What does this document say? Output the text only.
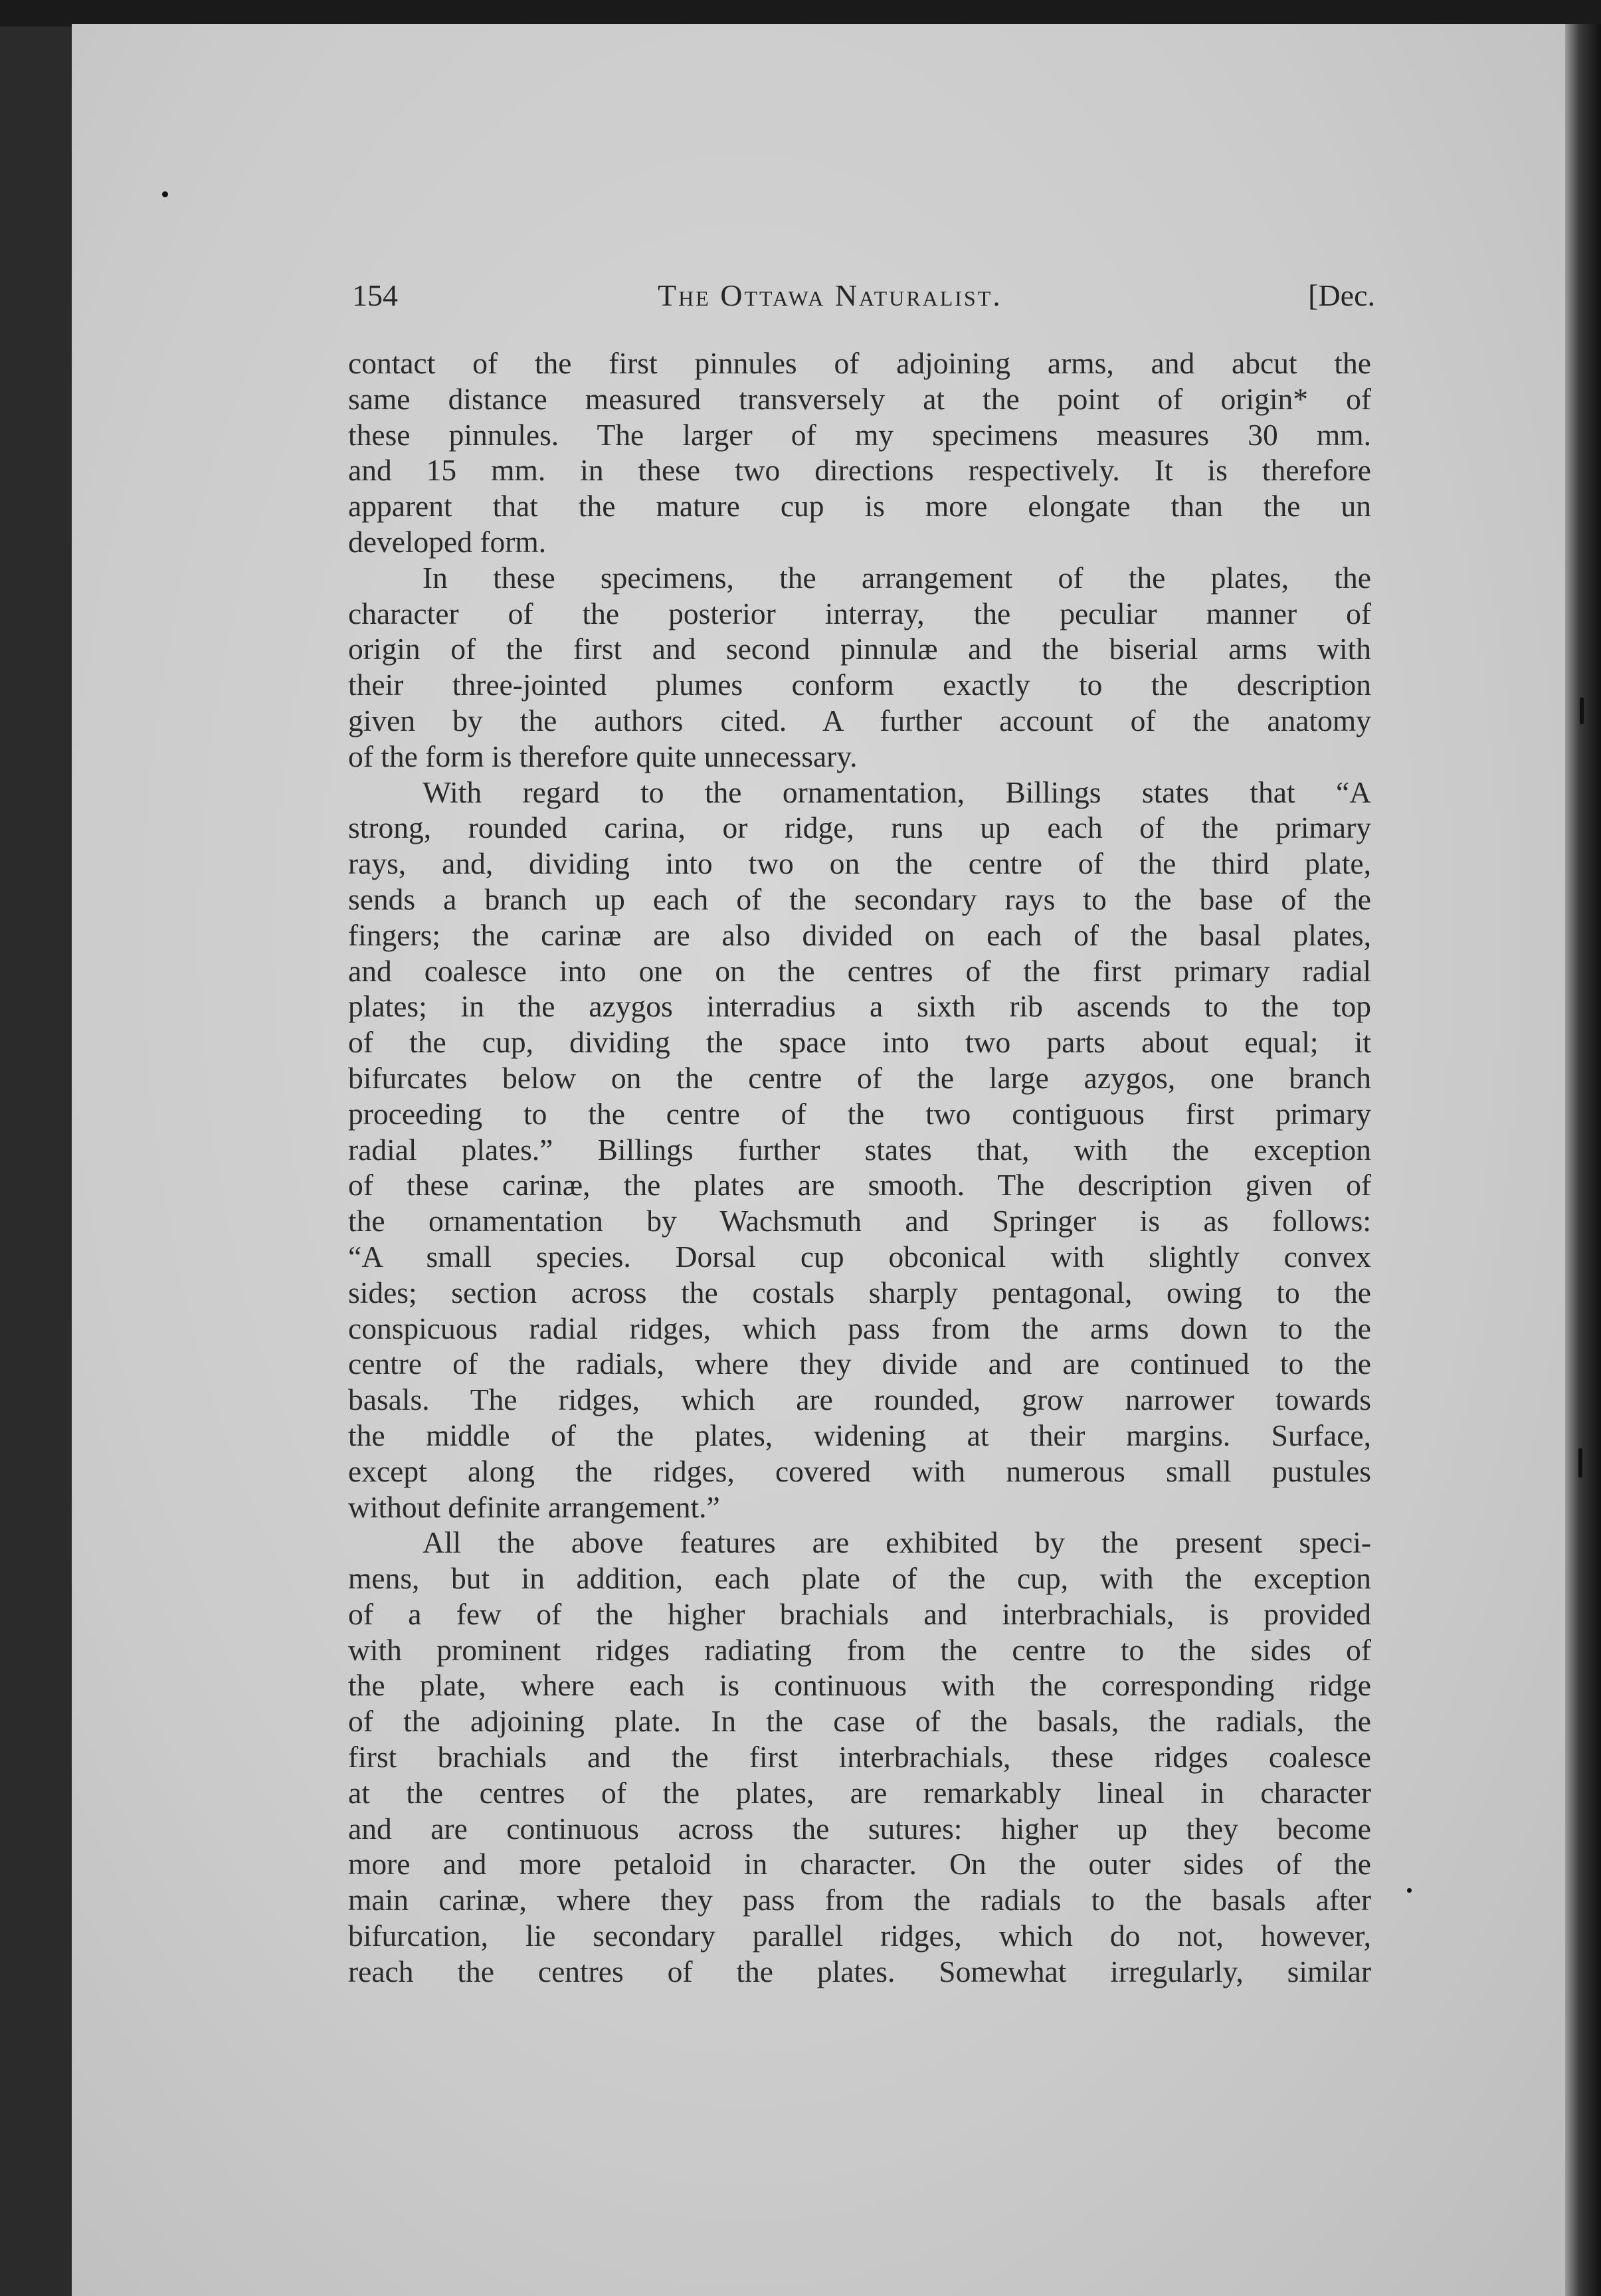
154	The Ottawa Naturalist.	[Dec.
contact of the first pinnules of adjoining arms, and abcut the
same distance measured transversely at the point of origin* of
these pinnules. The larger of my specimens measures 30 mm.
and 15 mm. in these two directions respectively. It is therefore
apparent that the mature cup is more elongate than the un
developed form.
In these specimens, the arrangement of the plates, the
character of the posterior interray, the peculiar manner of
origin of the first and second pinnulæ and the biserial arms with
their three-jointed plumes conform exactly to the description
given by the authors cited. A further account of the anatomy
of the form is therefore quite unnecessary.
With regard to the ornamentation, Billings states that “A
strong, rounded carina, or ridge, runs up each of the primary
rays, and, dividing into two on the centre of the third plate,
sends a branch up each of the secondary rays to the base of the
fingers; the carinæ are also divided on each of the basal plates,
and coalesce into one on the centres of the first primary radial
plates; in the azygos interradius a sixth rib ascends to the top
of the cup, dividing the space into two parts about equal; it
bifurcates below on the centre of the large azygos, one branch
proceeding to the centre of the two contiguous first primary
radial plates.” Billings further states that, with the exception
of these carinæ, the plates are smooth. The description given of
the ornamentation by Wachsmuth and Springer is as follows:
“A small species. Dorsal cup obconical with slightly convex
sides; section across the costals sharply pentagonal, owing to the
conspicuous radial ridges, which pass from the arms down to the
centre of the radials, where they divide and are continued to the
basals. The ridges, which are rounded, grow narrower towards
the middle of the plates, widening at their margins. Surface,
except along the ridges, covered with numerous small pustules
without definite arrangement.”
All the above features are exhibited by the present speci-
mens, but in addition, each plate of the cup, with the exception
of a few of the higher brachials and interbrachials, is provided
with prominent ridges radiating from the centre to the sides of
the plate, where each is continuous with the corresponding ridge
of the adjoining plate. In the case of the basals, the radials, the
first brachials and the first interbrachials, these ridges coalesce
at the centres of the plates, are remarkably lineal in character
and are continuous across the sutures: higher up they become
more and more petaloid in character. On the outer sides of the
main carinæ, where they pass from the radials to the basals after
bifurcation, lie secondary parallel ridges, which do not, however,
reach the centres of the plates. Somewhat irregularly, similar
